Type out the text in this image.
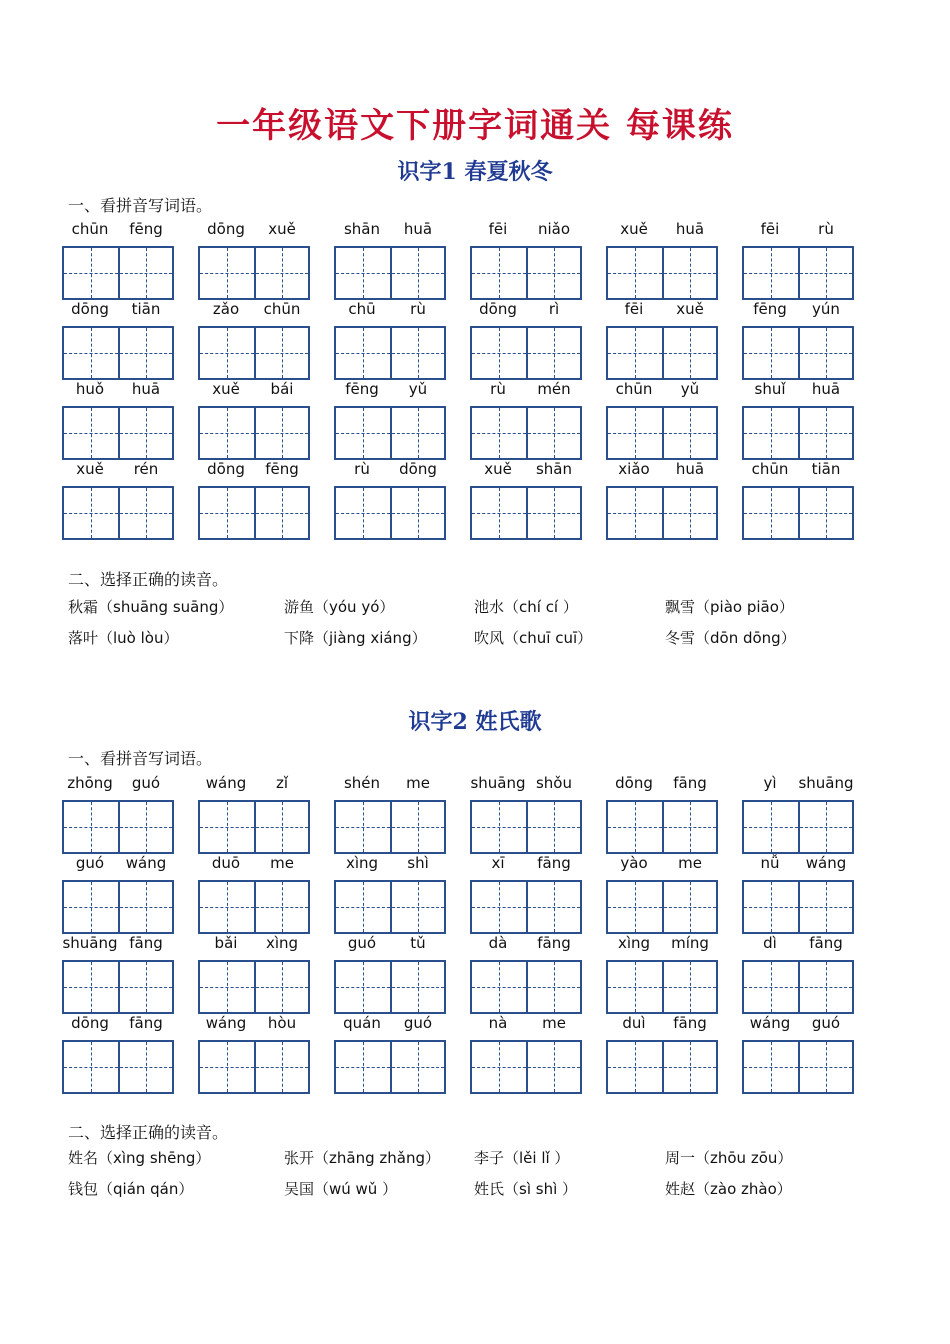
一年级语文下册字词通关 每课练
识字1 春夏秋冬
一、看拼音写词语。
chūn	fēng	dōng	xuě	shān	huā	fēi	niǎo	xuě	huā	fēi	rù
dōng	tiān	zǎo	chūn	chū	rù	dōng	rì	fēi	xuě	fēng	yún
huǒ	huā	xuě	bái	fēng	yǔ	rù	mén	chūn	yǔ	shuǐ	huā
xuě	rén	dōng	fēng	rù	dōng	xuě	shān	xiǎo	huā	chūn	tiān
二、选择正确的读音。
秋霜（shuāng suāng）	游鱼（yóu yó）	池水（chí cí ）	飘雪（piào piāo）
落叶（luò lòu）	下降（jiàng xiáng）	吹风（chuī cuī）	冬雪（dōn dōng）
识字2 姓氏歌
一、看拼音写词语。
zhōng	guó	wáng	zǐ	shén	me	shuāng shǒu	dōng	fāng	yì	shuāng
guó	wáng	duō	me	xìng	shì	xī	fāng	yào	me	nǚ	wáng
shuāng fāng	bǎi	xìng	guó	tǔ	dà	fāng	xìng	míng	dì	fāng
dōng	fāng	wáng	hòu	quán	guó	nà	me	duì	fāng	wáng	guó
二、选择正确的读音。
姓名（xìng shēng）	张开（zhāng zhǎng） 李子（lěi lǐ ）	周一（zhōu zōu）
钱包（qián qán）	吴国（wú wǔ ）	姓氏（sì shì ）	姓赵（zào zhào）
